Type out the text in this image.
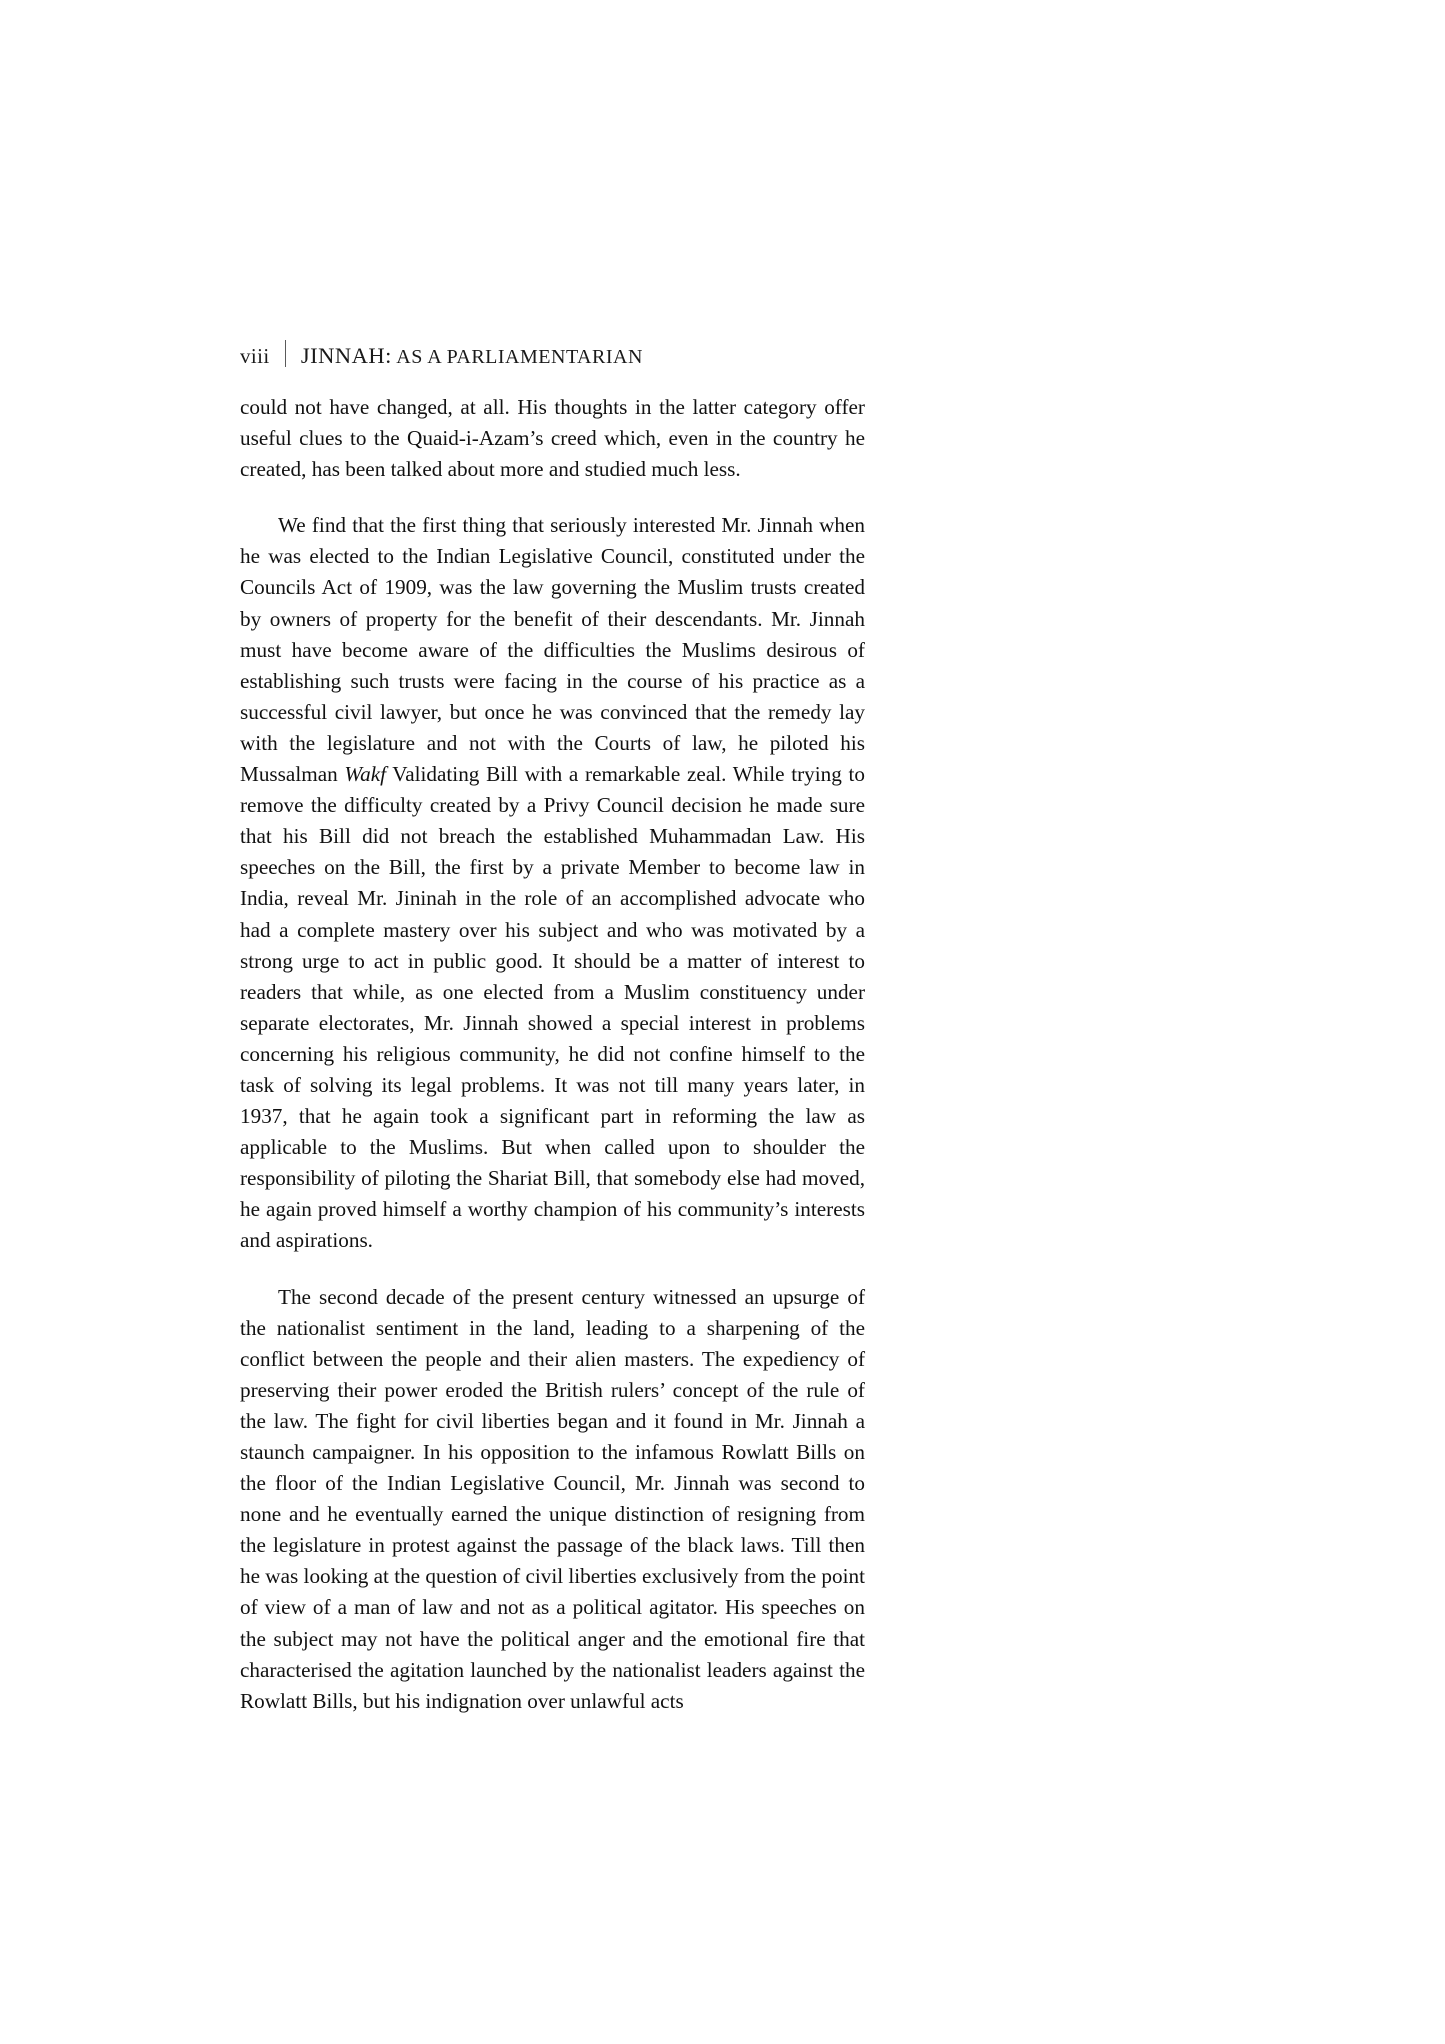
viii JINNAH: AS A PARLIAMENTARIAN

could not have changed, at all. His thoughts in the latter category offer useful clues to the Quaid-i-Azam’s creed which, even in the country he created, has been talked about more and studied much less.

We find that the first thing that seriously interested Mr. Jinnah when he was elected to the Indian Legislative Council, constituted under the Councils Act of 1909, was the law governing the Muslim trusts created by owners of property for the benefit of their descendants. Mr. Jinnah must have become aware of the difficulties the Muslims desirous of establishing such trusts were facing in the course of his practice as a successful civil lawyer, but once he was convinced that the remedy lay with the legislature and not with the Courts of law, he piloted his Mussalman Wakf Validating Bill with a remarkable zeal. While trying to remove the difficulty created by a Privy Council decision he made sure that his Bill did not breach the established Muhammadan Law. His speeches on the Bill, the first by a private Member to become law in India, reveal Mr. Jininah in the role of an accomplished advocate who had a complete mastery over his subject and who was motivated by a strong urge to act in public good. It should be a matter of interest to readers that while, as one elected from a Muslim constituency under separate electorates, Mr. Jinnah showed a special interest in problems concerning his religious community, he did not confine himself to the task of solving its legal problems. It was not till many years later, in 1937, that he again took a significant part in reforming the law as applicable to the Muslims. But when called upon to shoulder the responsibility of piloting the Shariat Bill, that somebody else had moved, he again proved himself a worthy champion of his community’s interests and aspirations.

The second decade of the present century witnessed an upsurge of the nationalist sentiment in the land, leading to a sharpening of the conflict between the people and their alien masters. The expediency of preserving their power eroded the British rulers’ concept of the rule of the law. The fight for civil liberties began and it found in Mr. Jinnah a staunch campaigner. In his opposition to the infamous Rowlatt Bills on the floor of the Indian Legislative Council, Mr. Jinnah was second to none and he eventually earned the unique distinction of resigning from the legislature in protest against the passage of the black laws. Till then he was looking at the question of civil liberties exclusively from the point of view of a man of law and not as a political agitator. His speeches on the subject may not have the political anger and the emotional fire that characterised the agitation launched by the nationalist leaders against the Rowlatt Bills, but his indignation over unlawful acts
